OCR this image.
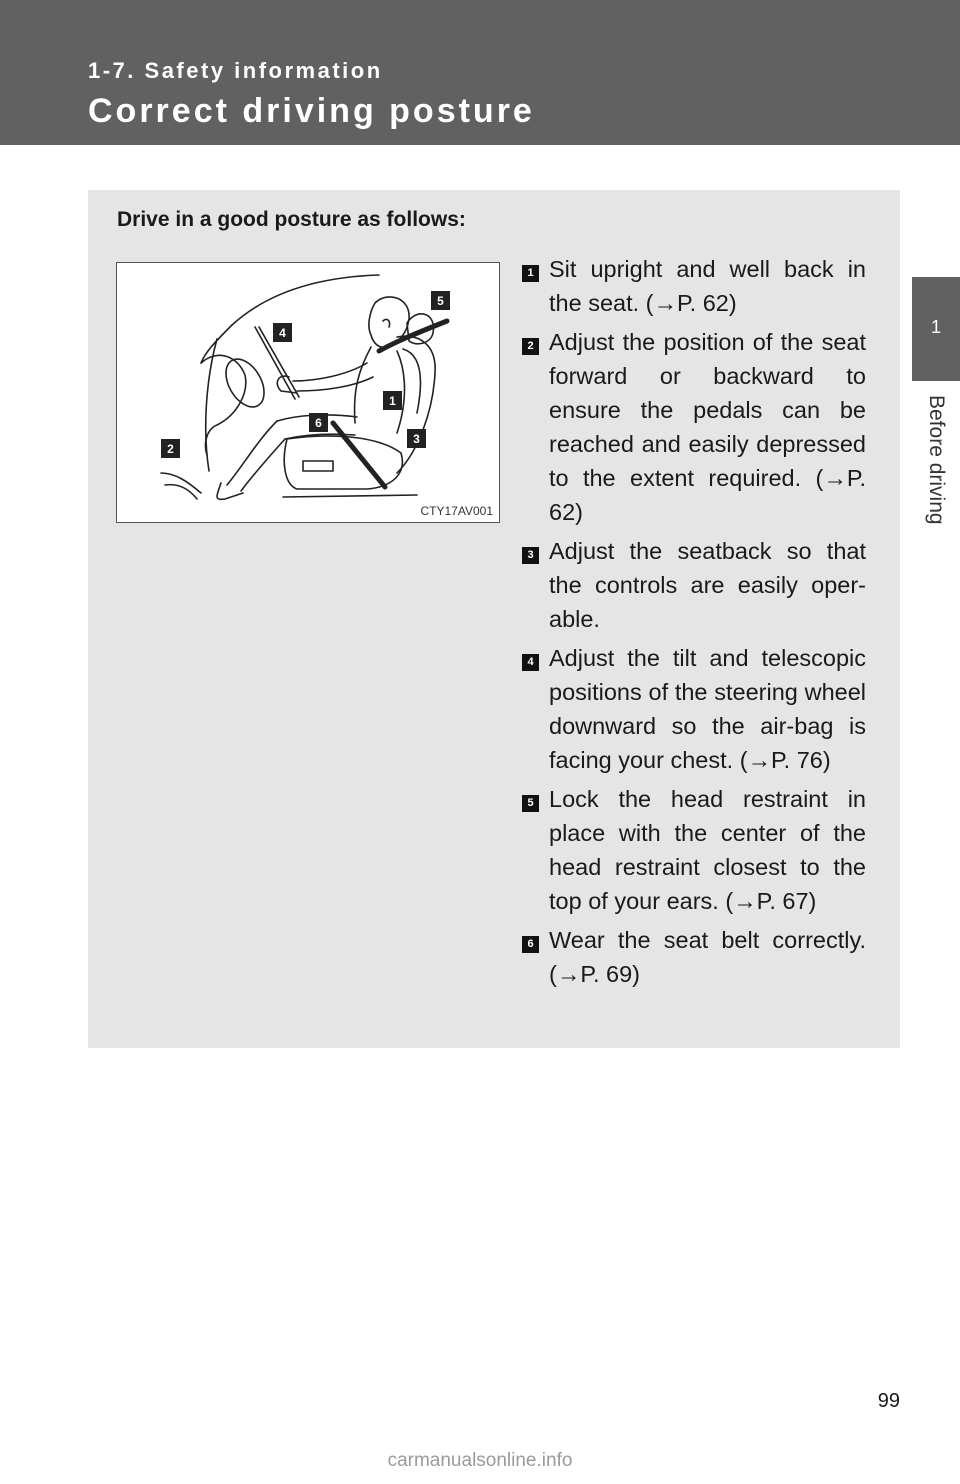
1-7. Safety information
Correct driving posture
1
Before driving
Drive in a good posture as follows:
1
2
3
4
5
6
CTY17AV001
1 Sit upright and well back in the seat. (→P. 62)
2 Adjust the position of the seat forward or backward to ensure the pedals can be reached and easily depressed to the extent required. (→P. 62)
3 Adjust the seatback so that the controls are easily oper-able.
4 Adjust the tilt and telescopic positions of the steering wheel downward so the air-bag is facing your chest. (→P. 76)
5 Lock the head restraint in place with the center of the head restraint closest to the top of your ears. (→P. 67)
6 Wear the seat belt correctly. (→P. 69)
99
carmanualsonline.info
